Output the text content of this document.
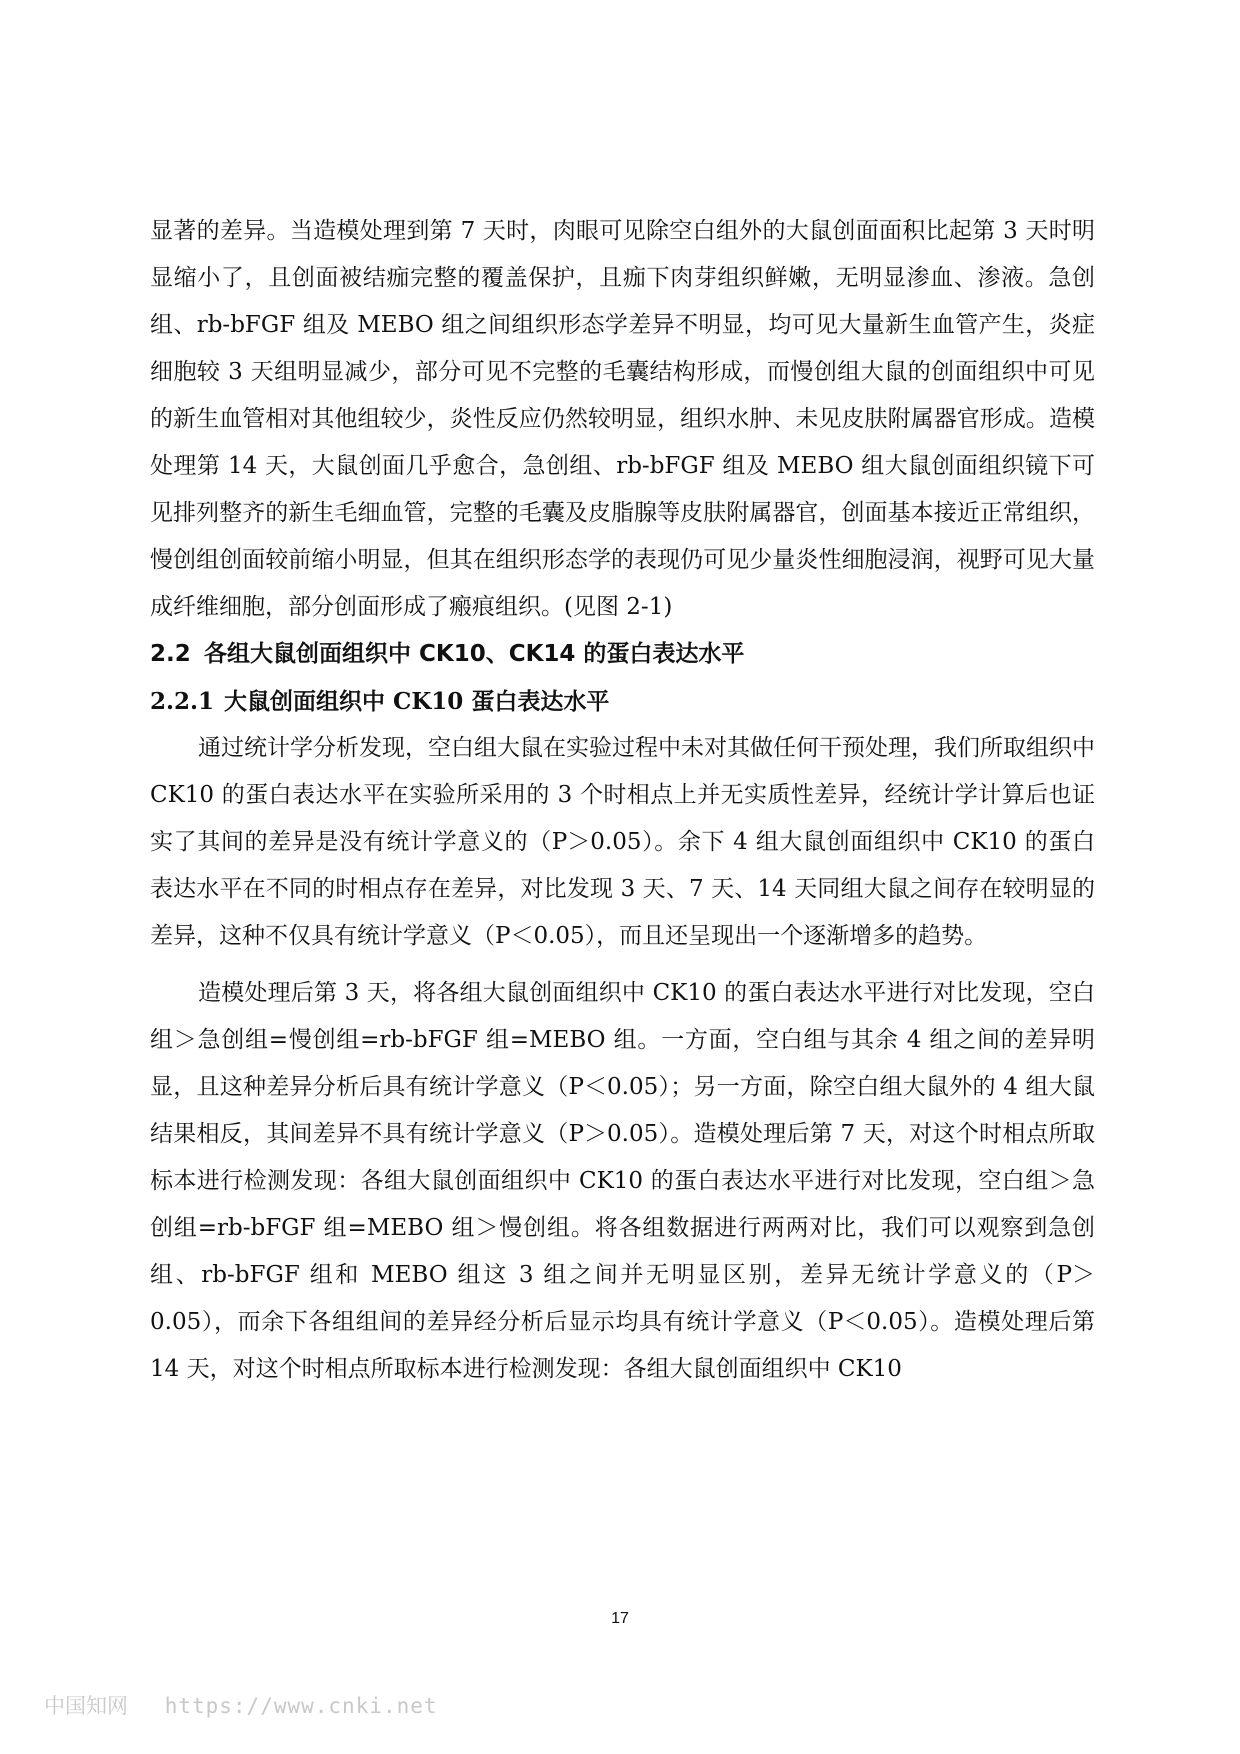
显著的差异。当造模处理到第 7 天时，肉眼可见除空白组外的大鼠创面面积比起第 3 天时明显缩小了，且创面被结痂完整的覆盖保护，且痂下肉芽组织鲜嫩，无明显渗血、渗液。急创组、rb-bFGF 组及 MEBO 组之间组织形态学差异不明显，均可见大量新生血管产生，炎症细胞较 3 天组明显减少，部分可见不完整的毛囊结构形成，而慢创组大鼠的创面组织中可见的新生血管相对其他组较少，炎性反应仍然较明显，组织水肿、未见皮肤附属器官形成。造模处理第 14 天，大鼠创面几乎愈合，急创组、rb-bFGF 组及 MEBO 组大鼠创面组织镜下可见排列整齐的新生毛细血管，完整的毛囊及皮脂腺等皮肤附属器官，创面基本接近正常组织，慢创组创面较前缩小明显，但其在组织形态学的表现仍可见少量炎性细胞浸润，视野可见大量成纤维细胞，部分创面形成了瘢痕组织。(见图 2-1)

2.2 各组大鼠创面组织中 CK10、CK14 的蛋白表达水平
2.2.1 大鼠创面组织中 CK10 蛋白表达水平

通过统计学分析发现，空白组大鼠在实验过程中未对其做任何干预处理，我们所取组织中 CK10 的蛋白表达水平在实验所采用的 3 个时相点上并无实质性差异，经统计学计算后也证实了其间的差异是没有统计学意义的（P＞0.05）。余下 4 组大鼠创面组织中 CK10 的蛋白表达水平在不同的时相点存在差异，对比发现 3 天、7 天、14 天同组大鼠之间存在较明显的差异，这种不仅具有统计学意义（P＜0.05），而且还呈现出一个逐渐增多的趋势。

造模处理后第 3 天，将各组大鼠创面组织中 CK10 的蛋白表达水平进行对比发现，空白组＞急创组=慢创组=rb-bFGF 组=MEBO 组。一方面，空白组与其余 4 组之间的差异明显，且这种差异分析后具有统计学意义（P＜0.05）；另一方面，除空白组大鼠外的 4 组大鼠结果相反，其间差异不具有统计学意义（P＞0.05）。造模处理后第 7 天，对这个时相点所取标本进行检测发现：各组大鼠创面组织中 CK10 的蛋白表达水平进行对比发现，空白组＞急创组=rb-bFGF 组=MEBO 组＞慢创组。将各组数据进行两两对比，我们可以观察到急创组、rb-bFGF 组和 MEBO 组这 3 组之间并无明显区别，差异无统计学意义的（P＞0.05），而余下各组组间的差异经分析后显示均具有统计学意义（P＜0.05）。造模处理后第 14 天，对这个时相点所取标本进行检测发现：各组大鼠创面组织中 CK10

17
中国知网 https://www.cnki.net
